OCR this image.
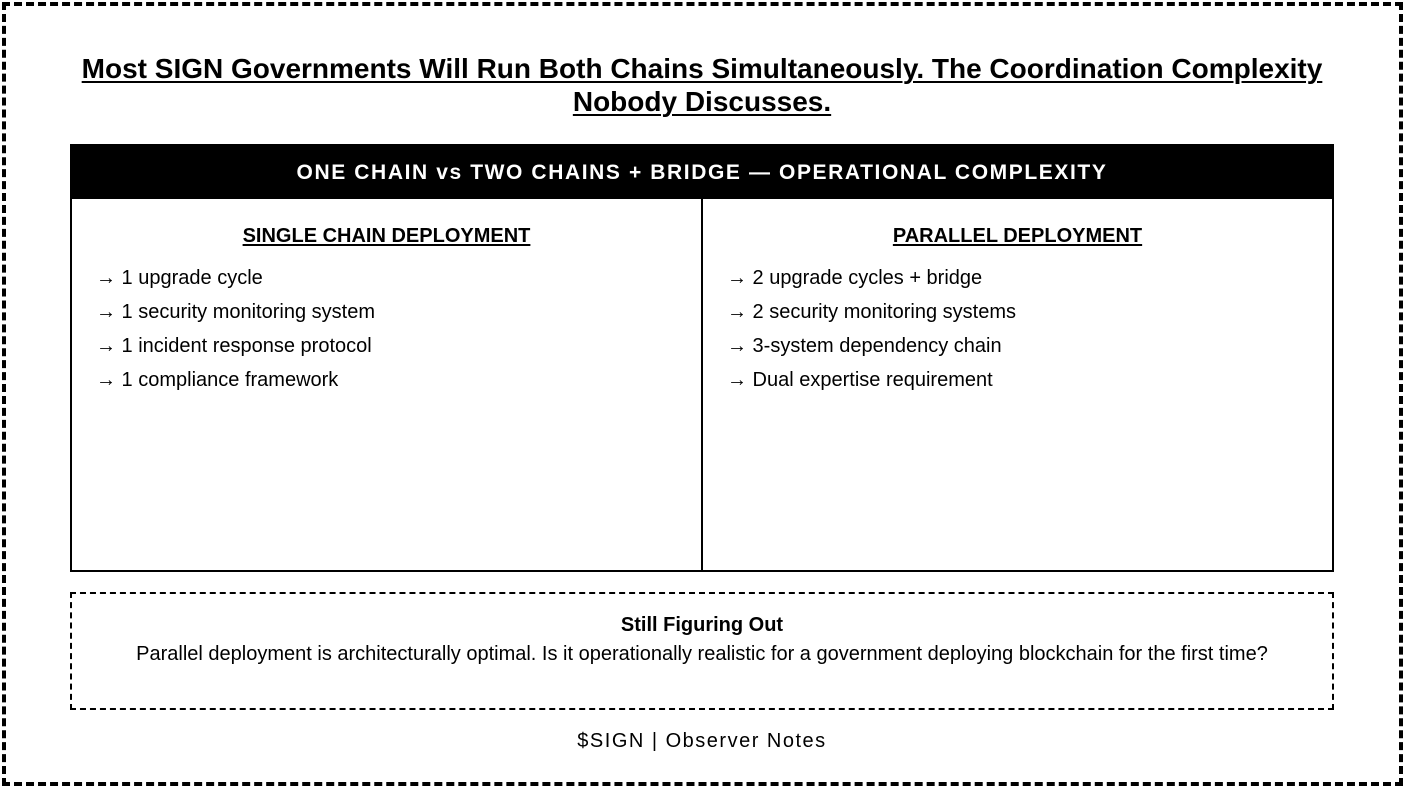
Most SIGN Governments Will Run Both Chains Simultaneously. The Coordination Complexity Nobody Discusses.
ONE CHAIN vs TWO CHAINS + BRIDGE — OPERATIONAL COMPLEXITY
SINGLE CHAIN DEPLOYMENT
→ 1 upgrade cycle
→ 1 security monitoring system
→ 1 incident response protocol
→ 1 compliance framework
PARALLEL DEPLOYMENT
→ 2 upgrade cycles + bridge
→ 2 security monitoring systems
→ 3-system dependency chain
→ Dual expertise requirement
Still Figuring Out
Parallel deployment is architecturally optimal. Is it operationally realistic for a government deploying blockchain for the first time?
$SIGN | Observer Notes
